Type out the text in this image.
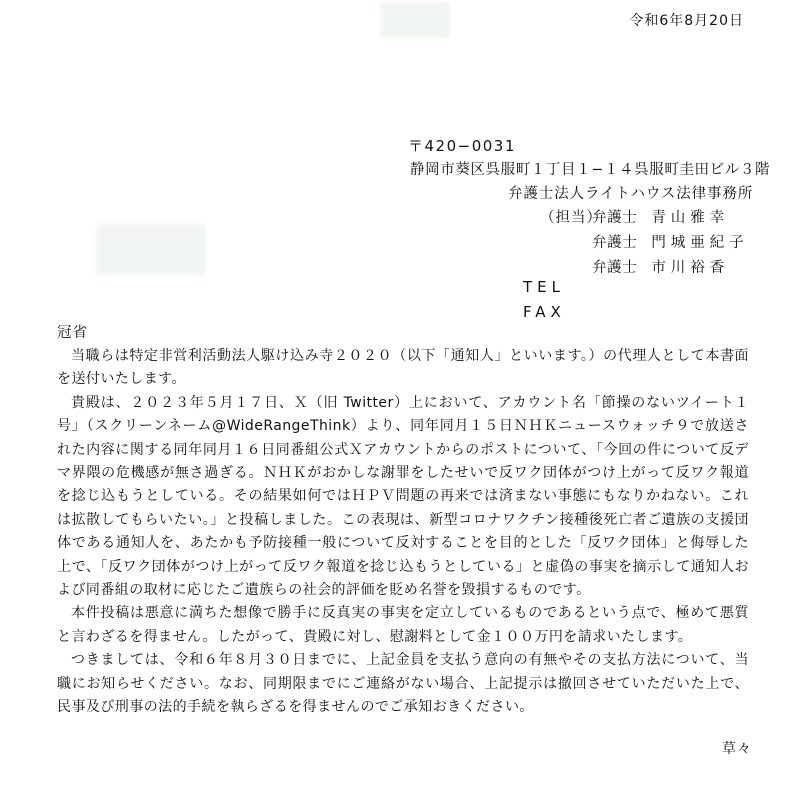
令和6年8月20日
〒420−0031
静岡市葵区呉服町１丁目１−１４呉服町圭田ビル３階
弁護士法人ライトハウス法律事務所
（担当）
弁護士 青山雅幸
弁護士 門城亜紀子
弁護士 市川裕香
TEL
FAX
冠省

当職らは特定非営利活動法人駆け込み寺２０２０（以下「通知人」といいます。）の代理人として本書面を送付いたします。

貴殿は、２０２３年５月１７日、Ｘ（旧 Twitter）上において、アカウント名「節操のないツイート１号」（スクリーンネーム@WideRangeThink）より、同年同月１５日ＮＨＫニュースウォッチ９で放送された内容に関する同年同月１６日同番組公式Ｘアカウントからのポストについて、「今回の件について反デマ界隈の危機感が無さ過ぎる。ＮＨＫがおかしな謝罪をしたせいで反ワク団体がつけ上がって反ワク報道を捻じ込もうとしている。その結果如何ではＨＰＶ問題の再来では済まない事態にもなりかねない。これは拡散してもらいたい。」と投稿しました。この表現は、新型コロナワクチン接種後死亡者ご遺族の支援団体である通知人を、あたかも予防接種一般について反対することを目的とした「反ワク団体」と侮辱した上で、「反ワク団体がつけ上がって反ワク報道を捻じ込もうとしている」と虚偽の事実を摘示して通知人および同番組の取材に応じたご遺族らの社会的評価を貶め名誉を毀損するものです。

本件投稿は悪意に満ちた想像で勝手に反真実の事実を定立しているものであるという点で、極めて悪質と言わざるを得ません。したがって、貴殿に対し、慰謝料として金１００万円を請求いたします。

つきましては、令和６年８月３０日までに、上記金員を支払う意向の有無やその支払方法について、当職にお知らせください。なお、同期限までにご連絡がない場合、上記提示は撤回させていただいた上で、民事及び刑事の法的手続を執らざるを得ませんのでご承知おきください。

草々
